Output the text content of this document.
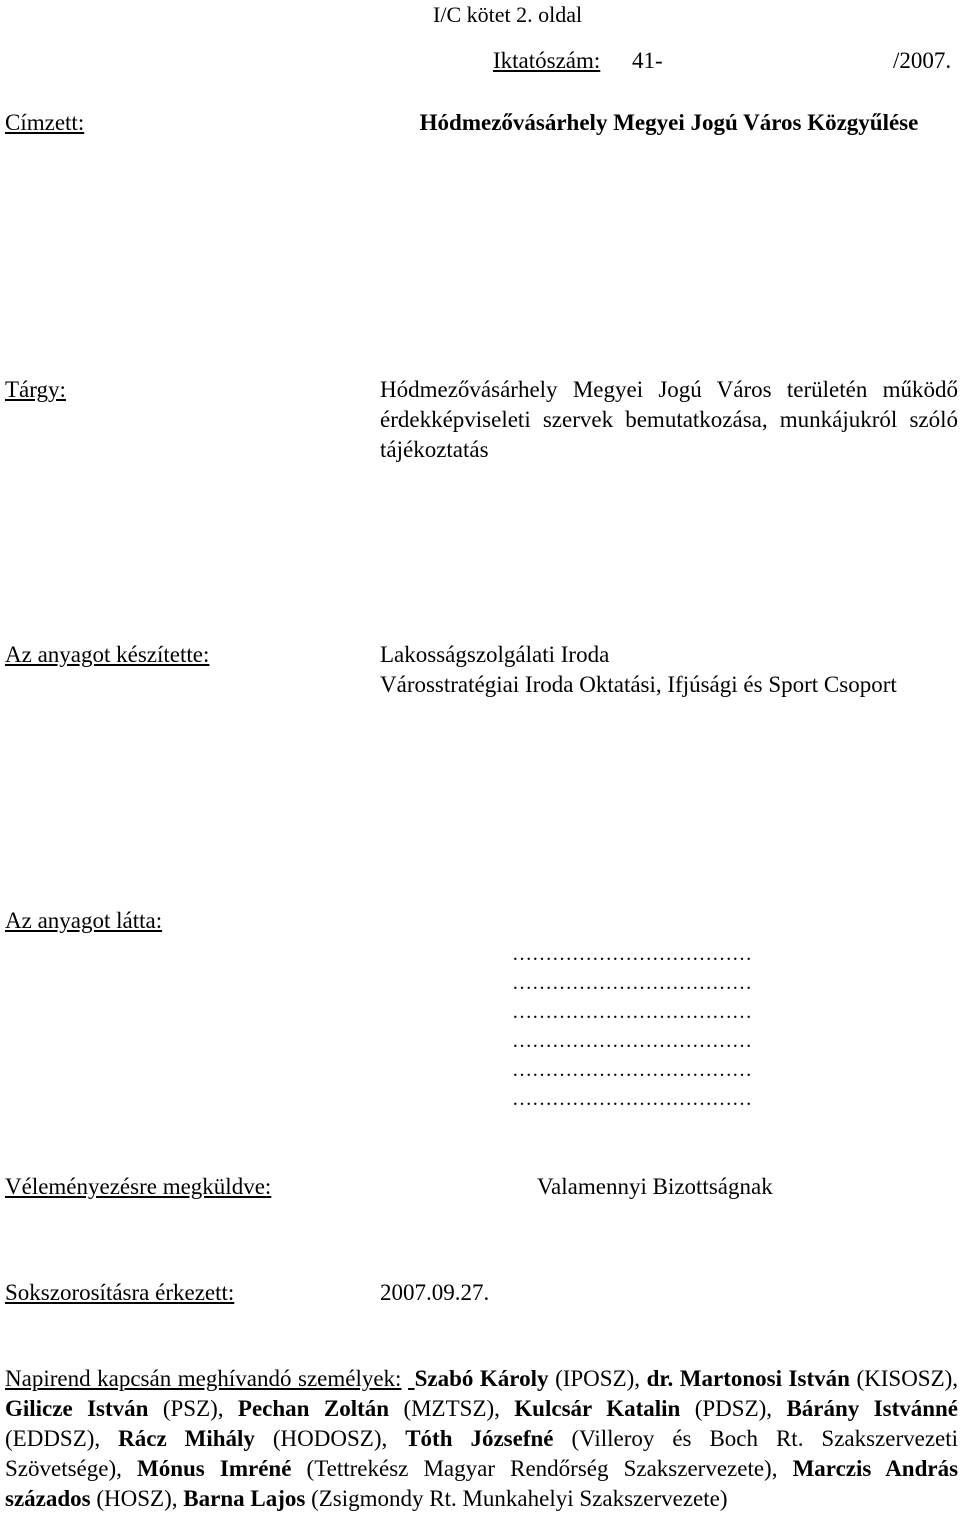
I/C kötet 2. oldal
Iktatószám: 41-	/2007.
Címzett:	Hódmezővásárhely Megyei Jogú Város Közgyűlése
Tárgy:	Hódmezővásárhely Megyei Jogú Város területén működő érdekképviseleti szervek bemutatkozása, munkájukról szóló tájékoztatás
Az anyagot készítette:	Lakosságszolgálati Iroda
Városstratégiai Iroda Oktatási, Ifjúsági és Sport Csoport
Az anyagot látta:
………………………………
………………………………
………………………………
………………………………
………………………………
………………………………
Véleményezésre megküldve:	Valamennyi Bizottságnak
Sokszorosításra érkezett:	2007.09.27.
Napirend kapcsán meghívandó személyek: Szabó Károly (IPOSZ), dr. Martonosi István (KISOSZ), Gilicze István (PSZ), Pechan Zoltán (MZTSZ), Kulcsár Katalin (PDSZ), Bárány Istvánné (EDDSZ), Rácz Mihály (HODOSZ), Tóth Józsefné (Villeroy és Boch Rt. Szakszervezeti Szövetsége), Mónus Imréné (Tettrekész Magyar Rendőrség Szakszervezete), Marczis András százados (HOSZ), Barna Lajos (Zsigmondy Rt. Munkahelyi Szakszervezete)
